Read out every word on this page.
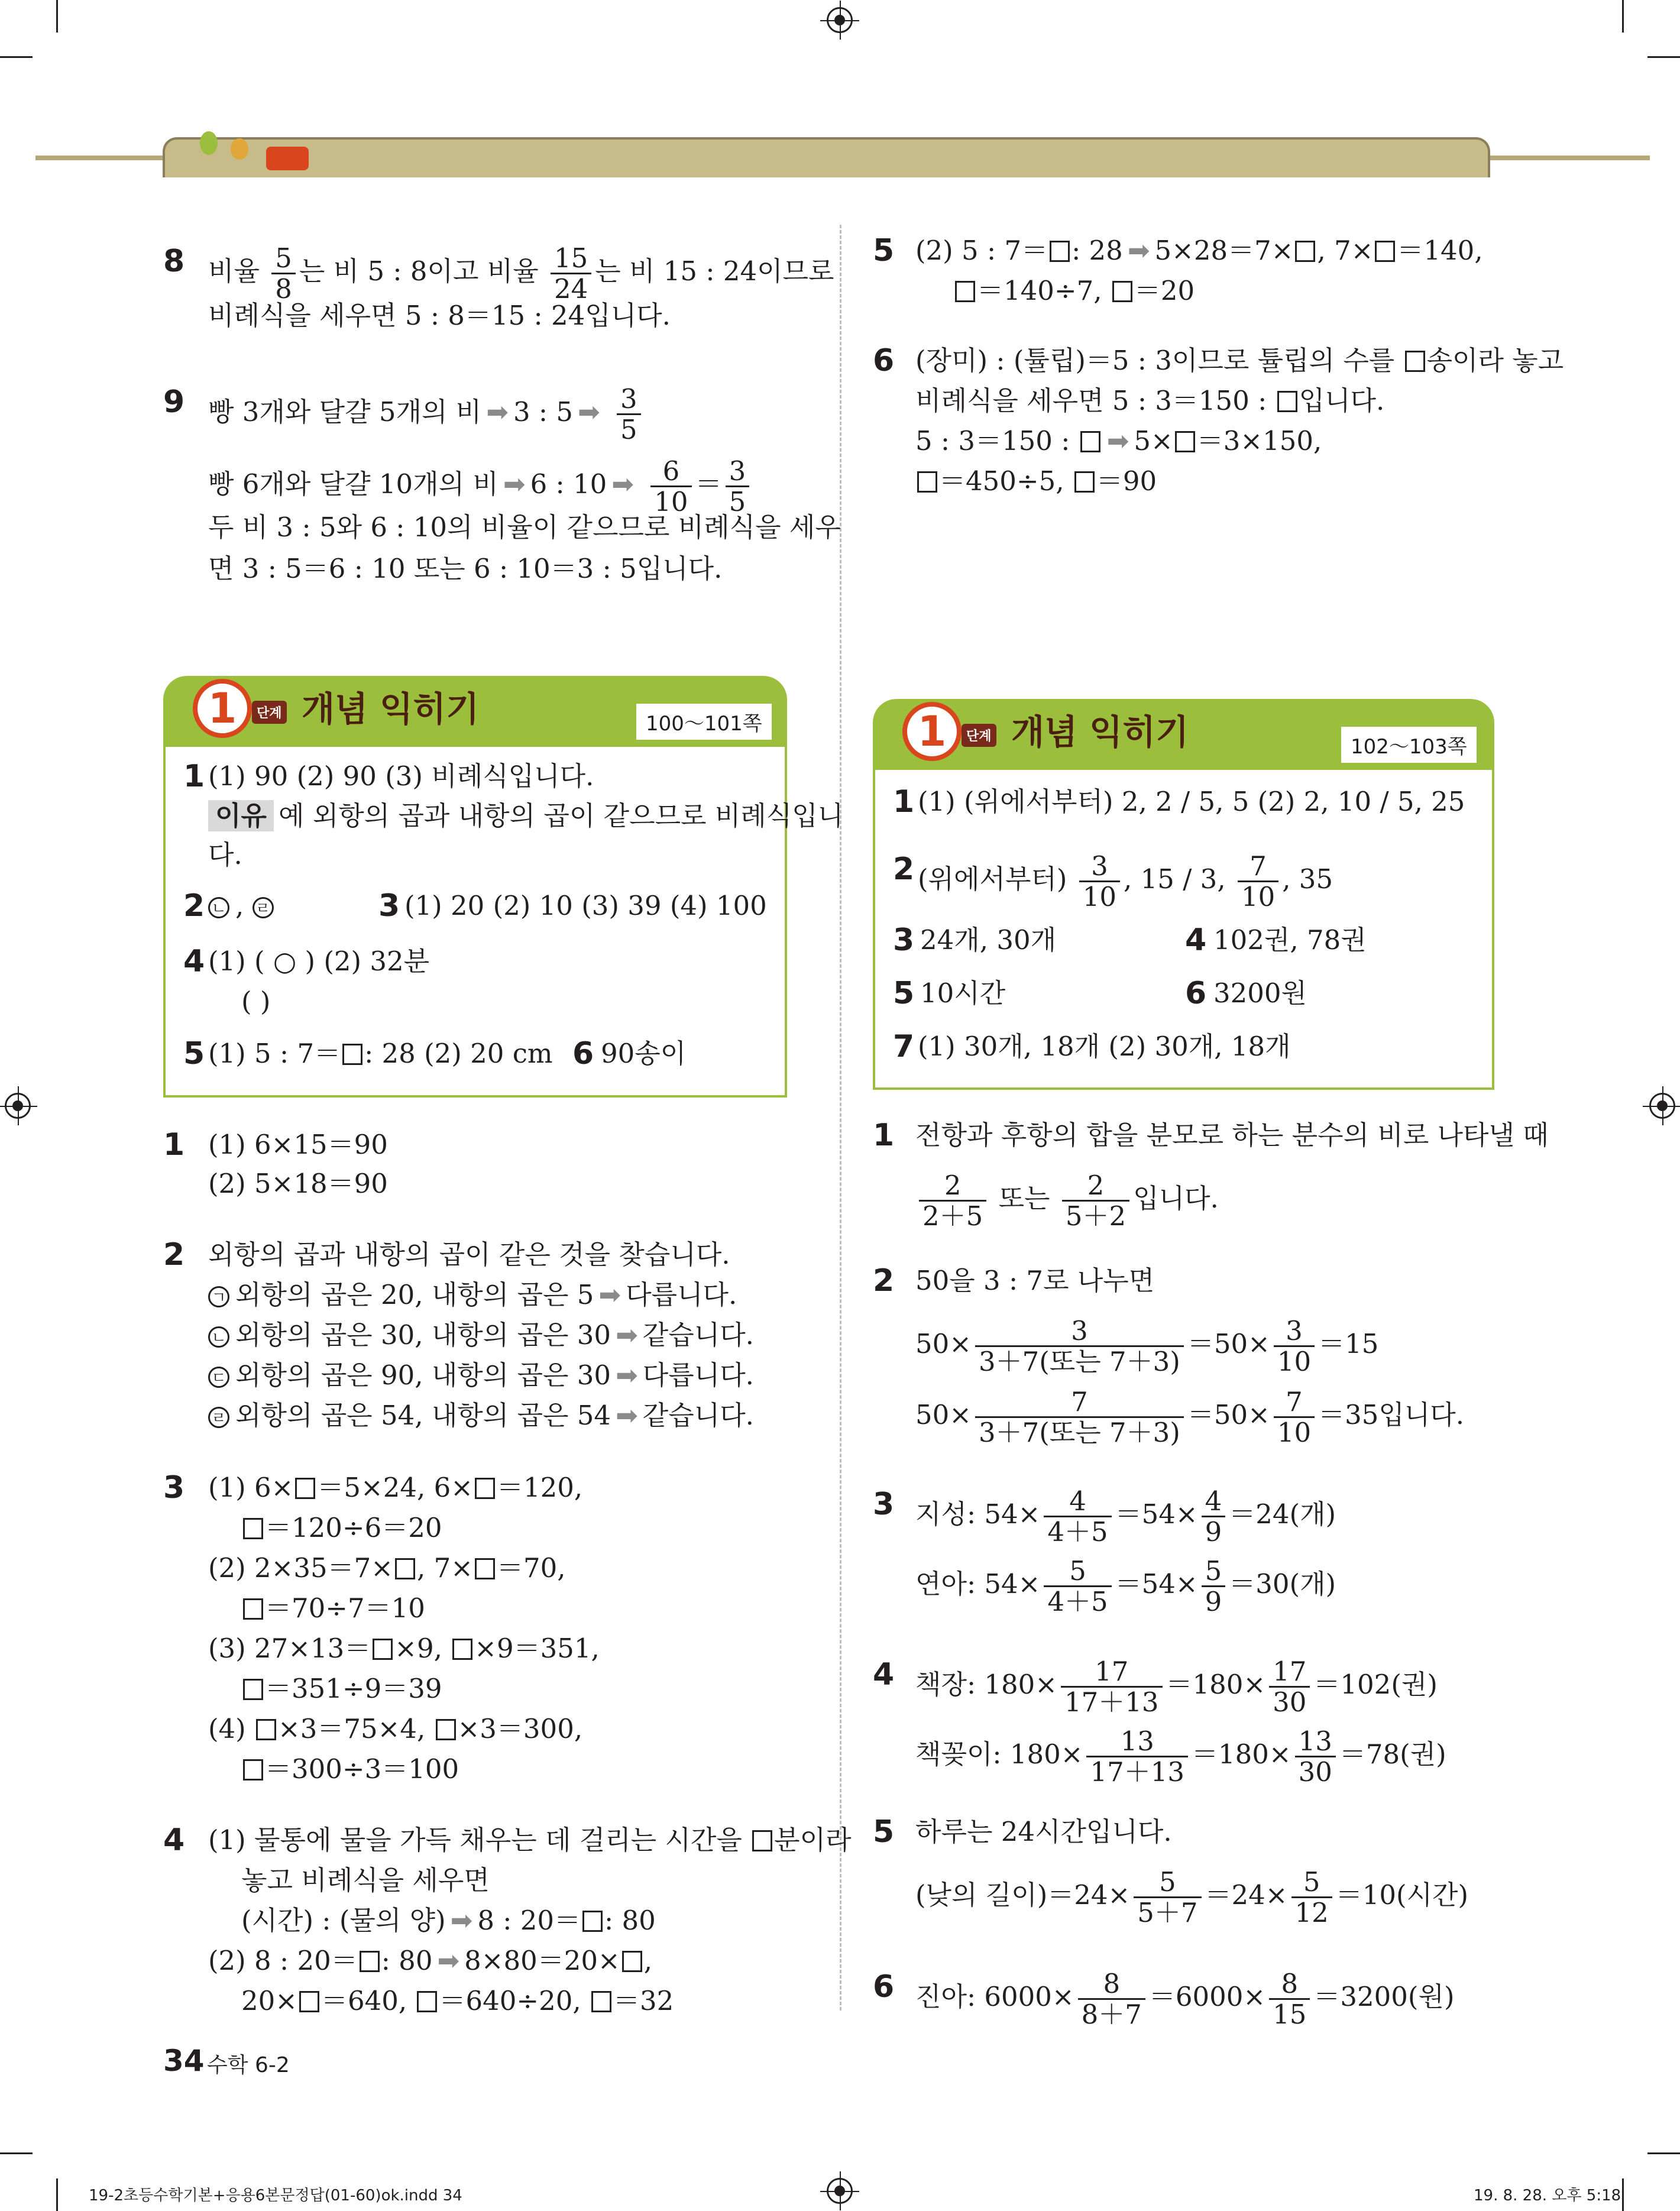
8 비율 $\frac{5}{8}$ 는 비 5 : 8이고 비율 $\frac{15}{24}$ 는 비 15 : 24이므로
비례식을 세우면 5 : 8＝15 : 24입니다.
9 빵 3개와 달걀 5개의 비 ➡ 3 : 5 ➡ $\frac{3}{5}$
빵 6개와 달걀 10개의 비 ➡ 6 : 10 ➡ $\frac{6}{10} = \frac{3}{5}$
두 비 3 : 5와 6 : 10의 비율이 같으므로 비례식을 세우
면 3 : 5＝6 : 10 또는 6 : 10＝3 : 5입니다.
1	단계 개념 익히기	100～101쪽
1 (1) 90 (2) 90 (3) 비례식입니다.
이유 예 외항의 곱과 내항의 곱이 같으므로 비례식입니
다.
2 ㄴ , ㄹ	3 (1) 20 (2) 10 (3) 39 (4) 100
4 (1) ( ○ ) (2) 32분
( )
5 (1) 5 : 7＝ : 28 (2) 20 cm 6 90송이
1 (1) 6×15＝90
(2) 5×18＝90
2 외항의 곱과 내항의 곱이 같은 것을 찾습니다.
ㄱ 외항의 곱은 20, 내항의 곱은 5 ➡ 다릅니다.
ㄴ 외항의 곱은 30, 내항의 곱은 30 ➡ 같습니다.
ㄷ 외항의 곱은 90, 내항의 곱은 30 ➡ 다릅니다.
ㄹ 외항의 곱은 54, 내항의 곱은 54 ➡ 같습니다.
3 (1) 6× ＝5×24, 6× ＝120,
＝120÷6＝20
(2) 2×35＝7× , 7× ＝70,
＝70÷7＝10
(3) 27×13＝ ×9, ×9＝351,
＝351÷9＝39
(4) ×3＝75×4, ×3＝300,
＝300÷3＝100
4 (1) 물통에 물을 가득 채우는 데 걸리는 시간을 분이라
놓고 비례식을 세우면
(시간) : (물의 양) ➡ 8 : 20＝ : 80
(2) 8 : 20＝ : 80 ➡ 8×80＝20× ,
20× ＝640, ＝640÷20, ＝32
34 수학 6-2
5 (2) 5 : 7＝ : 28 ➡ 5×28＝7× , 7× ＝140,
＝140÷7, ＝20
6 (장미) : (튤립)＝5 : 3이므로 튤립의 수를 송이라 놓고
비례식을 세우면 5 : 3＝150 : 입니다.
5 : 3＝150 : ➡ 5× ＝3×150,
＝450÷5, ＝90
1	단계 개념 익히기	102～103쪽
1 (1) (위에서부터) 2, 2 / 5, 5 (2) 2, 10 / 5, 25
2 (위에서부터) $\frac{3}{10}$ , 15 / 3, $\frac{7}{10}$ , 35
3 24개, 30개	4 102권, 78권
5 10시간	6 3200원
7 (1) 30개, 18개 (2) 30개, 18개
1 전항과 후항의 합을 분모로 하는 분수의 비로 나타낼 때
$\frac{2}{2+5}$ 또는 $\frac{2}{5+2}$ 입니다.
2 50을 3 : 7로 나누면
$50\times \frac{3}{\text{3＋7(또는 7＋3)}} =50\times \frac{3}{10} =15$
$50\times \frac{7}{\text{3＋7(또는 7＋3)}} =50\times \frac{7}{10} =35$입니다.
3 지성: $54\times \frac{4}{4+5} =54\times \frac{4}{9} =24$(개)
연아: $54\times \frac{5}{4+5} =54\times \frac{5}{9} =30$(개)
4 책장: $180\times \frac{17}{17+13} =180\times \frac{17}{30} =102$(권)
책꽂이: $180\times \frac{13}{17+13} =180\times \frac{13}{30} =78$(권)
5 하루는 24시간입니다.
(낮의 길이)$=24\times \frac{5}{5+7} =24\times \frac{5}{12} =10$(시간)
6 진아: $6000\times \frac{8}{8+7} =6000\times \frac{8}{15} =3200$(원)
19-2초등수학기본+응용6본문정답(01-60)ok.indd 34	19. 8. 28. 오후 5:18
